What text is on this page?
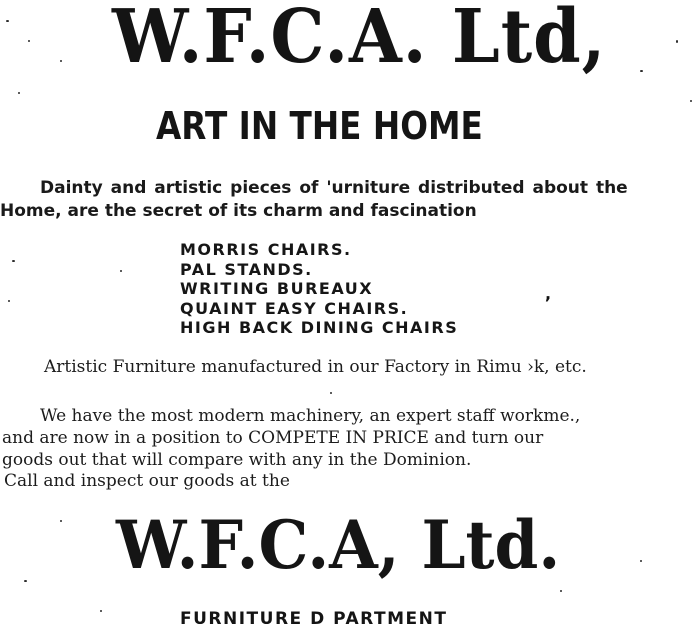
W.F.C.A. Ltd,
ART IN THE HOME
Dainty and artistic pieces of 'urniture distributed about the
Home, are the secret of its charm and fascination
MORRIS CHAIRS.
PAL STANDS.
WRITING BUREAUX
QUAINT EASY CHAIRS.
HIGH BACK DINING CHAIRS
,
Artistic Furniture manufactured in our Factory in Rimu ›k, etc.
We have the most modern machinery, an expert staff workme.,
and are now in a position to COMPETE IN PRICE and turn our
goods out that will compare with any in the Dominion.
Call and inspect our goods at the
W.F.C.A, Ltd.
FURNITURE D PARTMENT
